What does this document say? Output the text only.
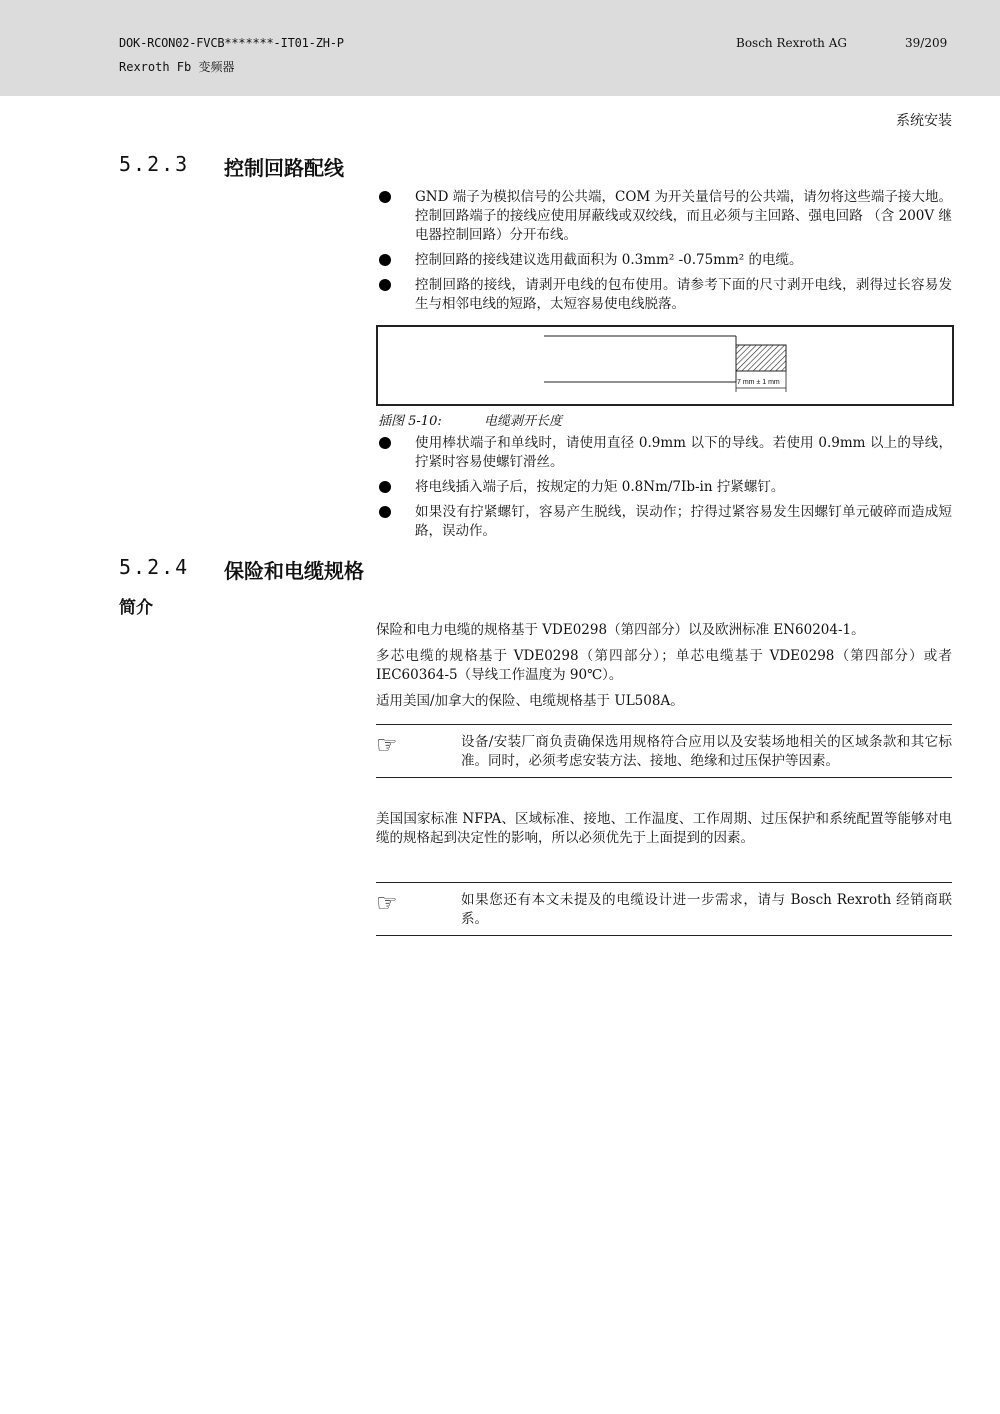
DOK-RCON02-FVCB*******-IT01-ZH-P
Rexroth Fb 变频器
Bosch Rexroth AG	39/209
系统安装
5.2.3 控制回路配线
GND 端子为模拟信号的公共端，COM 为开关量信号的公共端，请勿将这些端子接大地。控制回路端子的接线应使用屏蔽线或双绞线，而且必须与主回路、强电回路 （含 200V 继电器控制回路）分开布线。
控制回路的接线建议选用截面积为 0.3mm² -0.75mm² 的电缆。
控制回路的接线，请剥开电线的包布使用。请参考下面的尺寸剥开电线，剥得过长容易发生与相邻电线的短路，太短容易使电线脱落。
7 mm ± 1 mm
插图 5-10:	电缆剥开长度
使用棒状端子和单线时，请使用直径 0.9mm 以下的导线。若使用 0.9mm 以上的导线，拧紧时容易使螺钉滑丝。
将电线插入端子后，按规定的力矩 0.8Nm/7Ib-in 拧紧螺钉。
如果没有拧紧螺钉，容易产生脱线，误动作；拧得过紧容易发生因螺钉单元破碎而造成短路，误动作。
5.2.4 保险和电缆规格
简介

保险和电力电缆的规格基于 VDE0298（第四部分）以及欧洲标准 EN60204-1。

多芯电缆的规格基于 VDE0298（第四部分）；单芯电缆基于 VDE0298（第四部分）或者 IEC60364-5（导线工作温度为 90℃）。

适用美国/加拿大的保险、电缆规格基于 UL508A。

☞	设备/安装厂商负责确保选用规格符合应用以及安装场地相关的区域条款和其它标准。同时，必须考虑安装方法、接地、绝缘和过压保护等因素。

美国国家标准 NFPA、区域标准、接地、工作温度、工作周期、过压保护和系统配置等能够对电缆的规格起到决定性的影响，所以必须优先于上面提到的因素。

☞	如果您还有本文未提及的电缆设计进一步需求，请与 Bosch Rexroth 经销商联系。
